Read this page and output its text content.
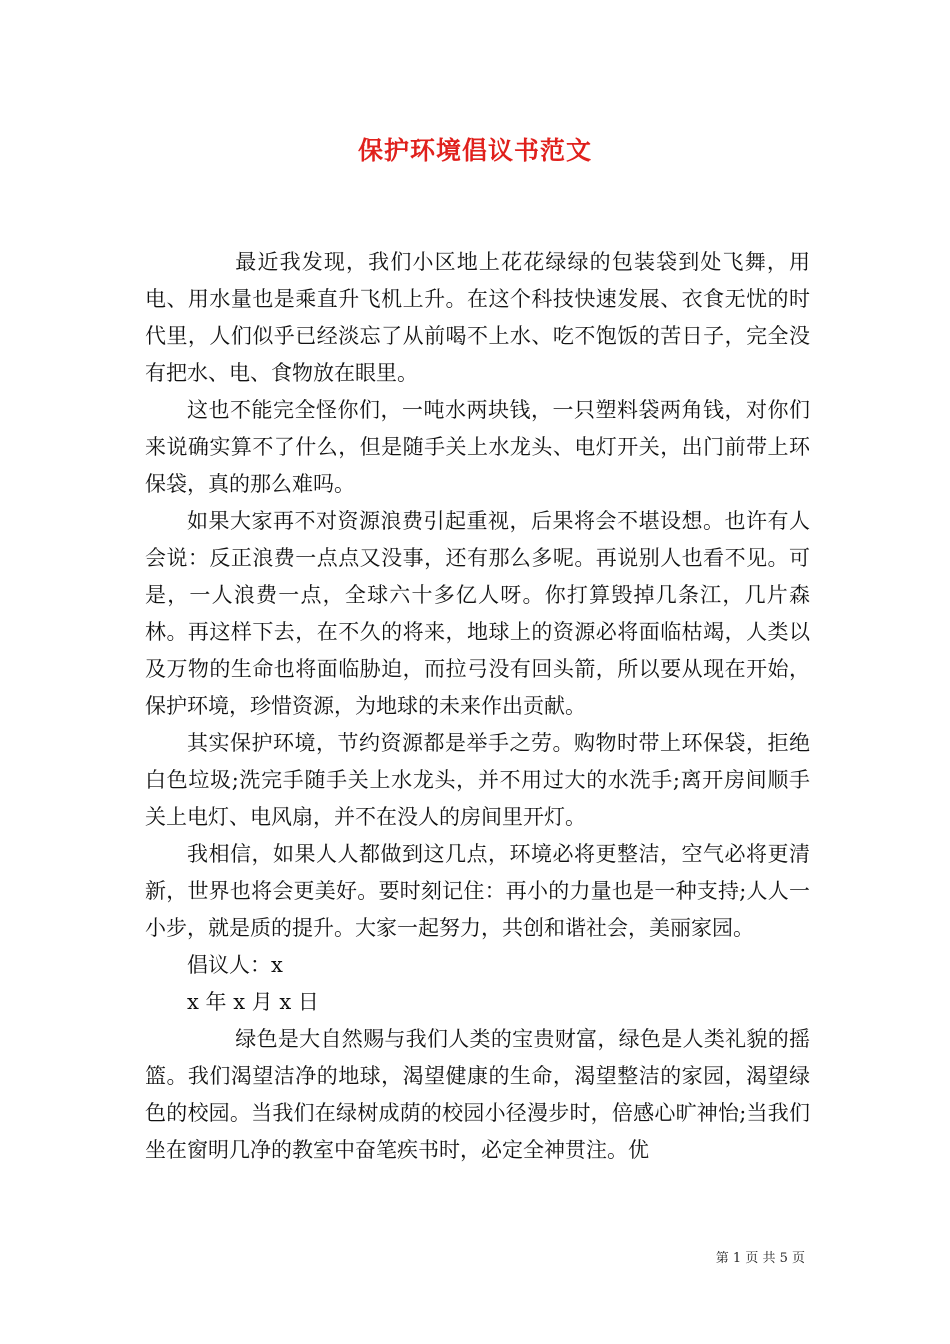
保护环境倡议书范文

最近我发现，我们小区地上花花绿绿的包装袋到处飞舞，用电、用水量也是乘直升飞机上升。在这个科技快速发展、衣食无忧的时代里，人们似乎已经淡忘了从前喝不上水、吃不饱饭的苦日子，完全没有把水、电、食物放在眼里。

这也不能完全怪你们，一吨水两块钱，一只塑料袋两角钱，对你们来说确实算不了什么，但是随手关上水龙头、电灯开关，出门前带上环保袋，真的那么难吗。

如果大家再不对资源浪费引起重视，后果将会不堪设想。也许有人会说：反正浪费一点点又没事，还有那么多呢。再说别人也看不见。可是，一人浪费一点，全球六十多亿人呀。你打算毁掉几条江，几片森林。再这样下去，在不久的将来，地球上的资源必将面临枯竭，人类以及万物的生命也将面临胁迫，而拉弓没有回头箭，所以要从现在开始，保护环境，珍惜资源，为地球的未来作出贡献。

其实保护环境，节约资源都是举手之劳。购物时带上环保袋，拒绝白色垃圾;洗完手随手关上水龙头，并不用过大的水洗手;离开房间顺手关上电灯、电风扇，并不在没人的房间里开灯。

我相信，如果人人都做到这几点，环境必将更整洁，空气必将更清新，世界也将会更美好。要时刻记住：再小的力量也是一种支持;人人一小步，就是质的提升。大家一起努力，共创和谐社会，美丽家园。

倡议人：x

x 年 x 月 x 日

绿色是大自然赐与我们人类的宝贵财富，绿色是人类礼貌的摇篮。我们渴望洁净的地球，渴望健康的生命，渴望整洁的家园，渴望绿色的校园。当我们在绿树成荫的校园小径漫步时，倍感心旷神怡;当我们坐在窗明几净的教室中奋笔疾书时，必定全神贯注。优

第 1 页 共 5 页
